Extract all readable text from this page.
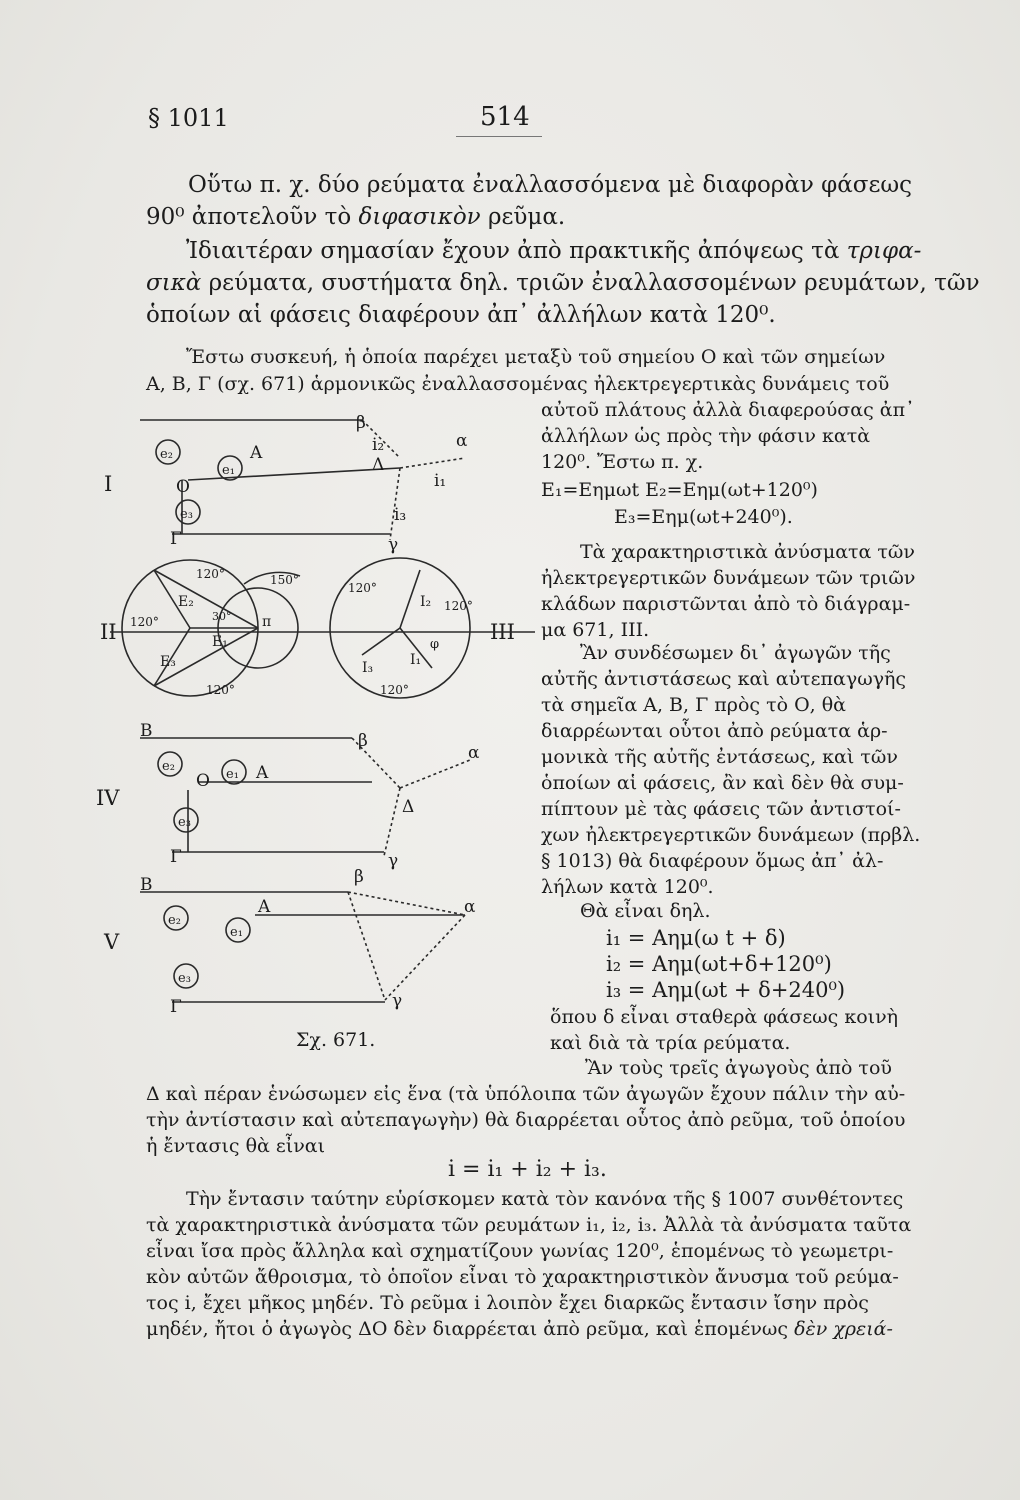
§ 1011	514
Οὕτω π. χ. δύο ρεύματα ἐναλλασσόμενα μὲ διαφορὰν φάσεως
90⁰ ἀποτελοῦν τὸ διφασικὸν ρεῦμα.
Ἰδιαιτέραν σημασίαν ἔχουν ἀπὸ πρακτικῆς ἀπόψεως τὰ τριφα-
σικὰ ρεύματα, συστήματα δηλ. τριῶν ἐναλλασσομένων ρευμάτων, τῶν
ὁποίων αἱ φάσεις διαφέρουν ἀπ᾽ ἀλλήλων κατὰ 120⁰.
Ἔστω συσκευή, ἡ ὁποία παρέχει μεταξὺ τοῦ σημείου Ο καὶ τῶν σημείων
Α, Β, Γ (σχ. 671) ἁρμονικῶς ἐναλλασσομένας ἠλεκτρεγερτικὰς δυνάμεις τοῦ
αὐτοῦ πλάτους ἀλλὰ διαφερούσας ἀπ᾽
ἀλλήλων ὡς πρὸς τὴν φάσιν κατὰ
120⁰. Ἔστω π. χ.
E₁=Eημωt E₂=Eημ(ωt+120⁰)
E₃=Eημ(ωt+240⁰).
Τὰ χαρακτηριστικὰ ἀνύσματα τῶν
ἠλεκτρεγερτικῶν δυνάμεων τῶν τριῶν
κλάδων παριστῶνται ἀπὸ τὸ διάγραμ-
μα 671, ΙΙΙ.
Ἂν συνδέσωμεν δι᾽ ἀγωγῶν τῆς
αὐτῆς ἀντιστάσεως καὶ αὐτεπαγωγῆς
τὰ σημεῖα Α, Β, Γ πρὸς τὸ Ο, θὰ
διαρρέωνται οὗτοι ἀπὸ ρεύματα ἁρ-
μονικὰ τῆς αὐτῆς ἐντάσεως, καὶ τῶν
ὁποίων αἱ φάσεις, ἂν καὶ δὲν θὰ συμ-
πίπτουν μὲ τὰς φάσεις τῶν ἀντιστοί-
χων ἠλεκτρεγερτικῶν δυνάμεων (πρβλ.
§ 1013) θὰ διαφέρουν ὅμως ἀπ᾽ ἀλ-
λήλων κατὰ 120⁰.
Θὰ εἶναι δηλ.
i₁ = Aημ(ω t + δ)
i₂ = Aημ(ωt+δ+120⁰)
i₃ = Aημ(ωt + δ+240⁰)
ὅπου δ εἶναι σταθερὰ φάσεως κοινὴ
καὶ διὰ τὰ τρία ρεύματα.
Ἂν τοὺς τρεῖς ἀγωγοὺς ἀπὸ τοῦ
Δ καὶ πέραν ἑνώσωμεν εἰς ἕνα (τὰ ὑπόλοιπα τῶν ἀγωγῶν ἔχουν πάλιν τὴν αὐ-
τὴν ἀντίστασιν καὶ αὐτεπαγωγὴν) θὰ διαρρέεται οὗτος ἀπὸ ρεῦμα, τοῦ ὁποίου
ἡ ἔντασις θὰ εἶναι
i = i₁ + i₂ + i₃.
Τὴν ἔντασιν ταύτην εὑρίσκομεν κατὰ τὸν κανόνα τῆς § 1007 συνθέτοντες
τὰ χαρακτηριστικὰ ἀνύσματα τῶν ρευμάτων i₁, i₂, i₃. Ἀλλὰ τὰ ἀνύσματα ταῦτα
εἶναι ἴσα πρὸς ἄλληλα καὶ σχηματίζουν γωνίας 120⁰, ἑπομένως τὸ γεωμετρι-
κὸν αὐτῶν ἄθροισμα, τὸ ὁποῖον εἶναι τὸ χαρακτηριστικὸν ἄνυσμα τοῦ ρεύμα-
τος i, ἔχει μῆκος μηδέν. Τὸ ρεῦμα i λοιπὸν ἔχει διαρκῶς ἔντασιν ἴσην πρὸς
μηδέν, ἤτοι ὁ ἀγωγὸς ΔΟ δὲν διαρρέεται ἀπὸ ρεῦμα, καὶ ἑπομένως δὲν χρειά-
I
II	III
IV
V
Σχ. 671.
A
β
α
Δ
i₂
i₁
i₃
γ
Γ
O
e₂
e₁
e₃
E₂
E₁
E₃
π
120°
120°
120°
150°
30°
I₂
I₃	I₁
φ
120°
120°
120°
B
A
β
α
Δ
γ
Γ
O
e₂
e₁
e₃
B
A
β
α
γ
Γ
e₂
e₁
e₃
